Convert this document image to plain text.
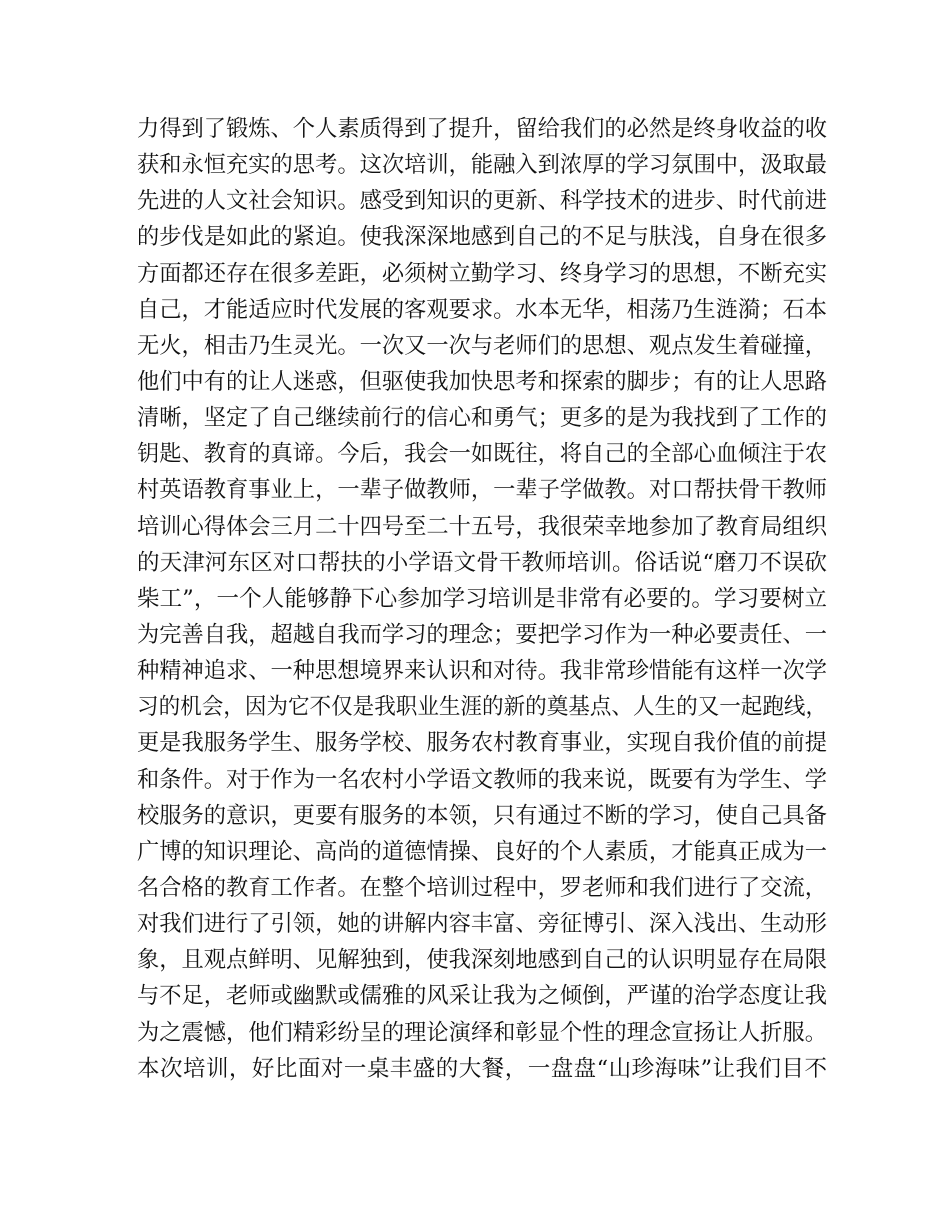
力得到了锻炼、个人素质得到了提升，留给我们的必然是终身收益的收
获和永恒充实的思考。这次培训，能融入到浓厚的学习氛围中，汲取最
先进的人文社会知识。感受到知识的更新、科学技术的进步、时代前进
的步伐是如此的紧迫。使我深深地感到自己的不足与肤浅，自身在很多
方面都还存在很多差距，必须树立勤学习、终身学习的思想，不断充实
自己，才能适应时代发展的客观要求。水本无华，相荡乃生涟漪；石本
无火，相击乃生灵光。一次又一次与老师们的思想、观点发生着碰撞，
他们中有的让人迷惑，但驱使我加快思考和探索的脚步；有的让人思路
清晰，坚定了自己继续前行的信心和勇气；更多的是为我找到了工作的
钥匙、教育的真谛。今后，我会一如既往，将自己的全部心血倾注于农
村英语教育事业上，一辈子做教师，一辈子学做教。对口帮扶骨干教师
培训心得体会三月二十四号至二十五号，我很荣幸地参加了教育局组织
的天津河东区对口帮扶的小学语文骨干教师培训。俗话说“磨刀不误砍
柴工”，一个人能够静下心参加学习培训是非常有必要的。学习要树立
为完善自我，超越自我而学习的理念；要把学习作为一种必要责任、一
种精神追求、一种思想境界来认识和对待。我非常珍惜能有这样一次学
习的机会，因为它不仅是我职业生涯的新的奠基点、人生的又一起跑线，
更是我服务学生、服务学校、服务农村教育事业，实现自我价值的前提
和条件。对于作为一名农村小学语文教师的我来说，既要有为学生、学
校服务的意识，更要有服务的本领，只有通过不断的学习，使自己具备
广博的知识理论、高尚的道德情操、良好的个人素质，才能真正成为一
名合格的教育工作者。在整个培训过程中，罗老师和我们进行了交流，
对我们进行了引领，她的讲解内容丰富、旁征博引、深入浅出、生动形
象，且观点鲜明、见解独到，使我深刻地感到自己的认识明显存在局限
与不足，老师或幽默或儒雅的风采让我为之倾倒，严谨的治学态度让我
为之震憾，他们精彩纷呈的理论演绎和彰显个性的理念宣扬让人折服。
本次培训，好比面对一桌丰盛的大餐，一盘盘“山珍海味”让我们目不
